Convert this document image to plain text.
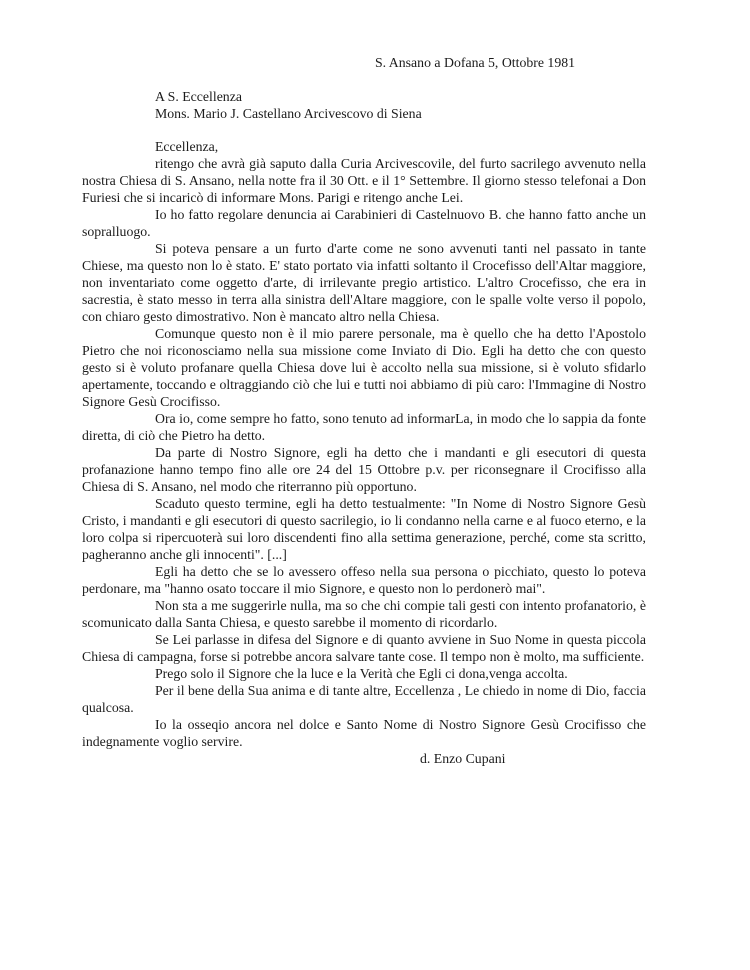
S. Ansano a Dofana 5, Ottobre 1981
A S. Eccellenza
Mons. Mario J. Castellano Arcivescovo di Siena

Eccellenza,

ritengo che avrà già saputo dalla Curia Arcivescovile, del furto sacrilego avvenuto nella nostra Chiesa di S. Ansano, nella notte fra il 30 Ott. e il 1° Settembre. Il giorno stesso telefonai a Don Furiesi che si incaricò di informare Mons. Parigi e ritengo anche Lei.

Io ho fatto regolare denuncia ai Carabinieri di Castelnuovo B. che hanno fatto anche un sopralluogo.

Si poteva pensare a un furto d'arte come ne sono avvenuti tanti nel passato in tante Chiese, ma questo non lo è stato. E' stato portato via infatti soltanto il Crocefisso dell'Altar maggiore, non inventariato come oggetto d'arte, di irrilevante pregio artistico. L'altro Crocefisso, che era in sacrestia, è stato messo in terra alla sinistra dell'Altare maggiore, con le spalle volte verso il popolo, con chiaro gesto dimostrativo. Non è mancato altro nella Chiesa.

Comunque questo non è il mio parere personale, ma è quello che ha detto l'Apostolo Pietro che noi riconosciamo nella sua missione come Inviato di Dio. Egli ha detto che con questo gesto si è voluto profanare quella Chiesa dove lui è accolto nella sua missione, si è voluto sfidarlo apertamente, toccando e oltraggiando ciò che lui e tutti noi abbiamo di più caro: l'Immagine di Nostro Signore Gesù Crocifisso.

Ora io, come sempre ho fatto, sono tenuto ad informarLa, in modo che lo sappia da fonte diretta, di ciò che Pietro ha detto.

Da parte di Nostro Signore, egli ha detto che i mandanti e gli esecutori di questa profanazione hanno tempo fino alle ore 24 del 15 Ottobre p.v. per riconsegnare il Crocifisso alla Chiesa di S. Ansano, nel modo che riterranno più opportuno.

Scaduto questo termine, egli ha detto testualmente: "In Nome di Nostro Signore Gesù Cristo, i mandanti e gli esecutori di questo sacrilegio, io li condanno nella carne e al fuoco eterno, e la loro colpa si ripercuoterà sui loro discendenti fino alla settima generazione, perché, come sta scritto, pagheranno anche gli innocenti". [...]

Egli ha detto che se lo avessero offeso nella sua persona o picchiato, questo lo poteva perdonare, ma "hanno osato toccare il mio Signore, e questo non lo perdonerò mai".

Non sta a me suggerirle nulla, ma so che chi compie tali gesti con intento profanatorio, è scomunicato dalla Santa Chiesa, e questo sarebbe il momento di ricordarlo.

Se Lei parlasse in difesa del Signore e di quanto avviene in Suo Nome in questa piccola Chiesa di campagna, forse si potrebbe ancora salvare tante cose. Il tempo non è molto, ma sufficiente.

Prego solo il Signore che la luce e la Verità che Egli ci dona,venga accolta.

Per il bene della Sua anima e di tante altre, Eccellenza , Le chiedo in nome di Dio, faccia qualcosa.

Io la osseqio ancora nel dolce e Santo Nome di Nostro Signore Gesù Crocifisso che indegnamente voglio servire.

d. Enzo Cupani
